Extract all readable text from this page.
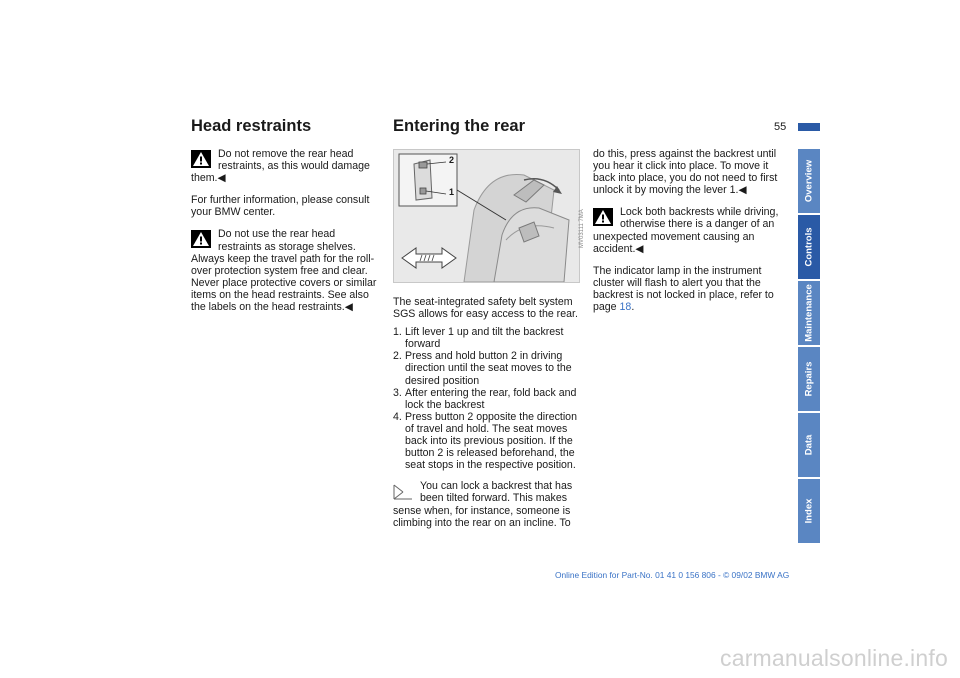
55
Head restraints
Do not remove the rear head restraints, as this would damage
them.◀

For further information, please consult your BMW center.

Do not use the rear head restraints as storage shelves.
Always keep the travel path for the roll-over protection system free and clear. Never place protective covers or similar items on the head restraints. See also the labels on the head restraints.◀
Entering the rear
2
1
MV03111 7MA

The seat-integrated safety belt system SGS allows for easy access to the rear.

1. Lift lever 1 up and tilt the backrest forward
2. Press and hold button 2 in driving direction until the seat moves to the desired position
3. After entering the rear, fold back and lock the backrest
4. Press button 2 opposite the direction of travel and hold. The seat moves back into its previous position. If the button 2 is released beforehand, the seat stops in the respective position.
You can lock a backrest that has been tilted forward. This makes
sense when, for instance, someone is climbing into the rear on an incline. To

do this, press against the backrest until you hear it click into place. To move it back into place, you do not need to first unlock it by moving the lever 1.◀

Lock both backrests while driving, otherwise there is a danger of an
unexpected movement causing an accident.◀

The indicator lamp in the instrument cluster will flash to alert you that the backrest is not locked in place, refer to page 18.

Overview
Controls
Maintenance
Repairs
Data
Index
Online Edition for Part-No. 01 41 0 156 806 - © 09/02 BMW AG
carmanualsonline.info
